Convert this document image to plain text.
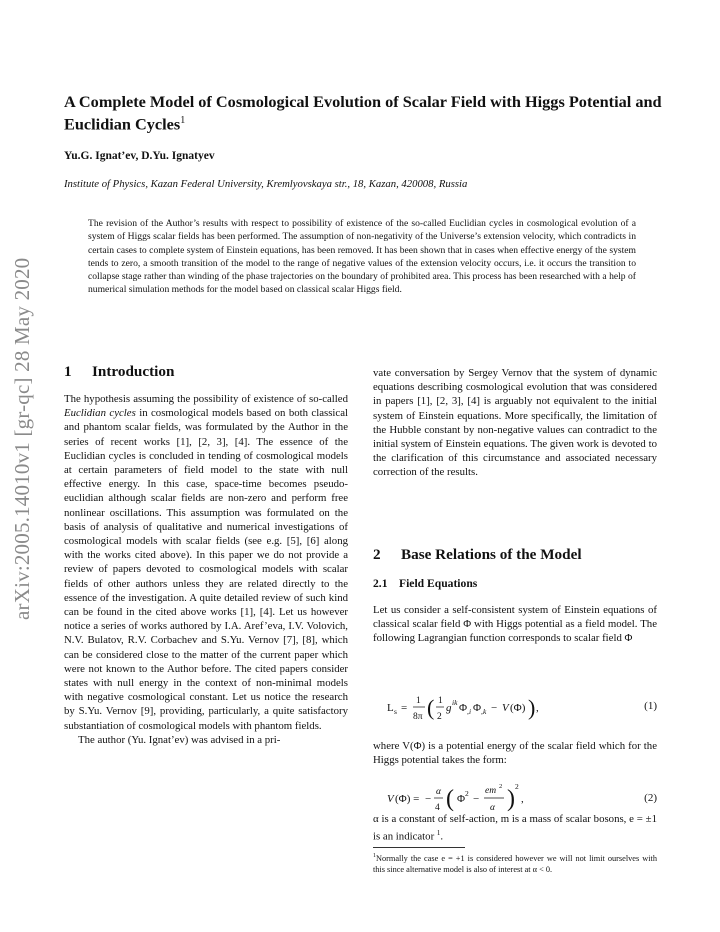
arXiv:2005.14010v1 [gr-qc] 28 May 2020
A Complete Model of Cosmological Evolution of Scalar Field with Higgs Potential and Euclidian Cycles$^1$
Yu.G. Ignat’ev, D.Yu. Ignatyev
Institute of Physics, Kazan Federal University, Kremlyovskaya str., 18, Kazan, 420008, Russia
The revision of the Author’s results with respect to possibility of existence of the so-called Euclidian cycles in cosmological evolution of a system of Higgs scalar fields has been performed. The assumption of non-negativity of the Universe’s extension velocity, which contradicts in certain cases to complete system of Einstein equations, has been removed. It has been shown that in cases when effective energy of the system tends to zero, a smooth transition of the model to the range of negative values of the extension velocity occurs, i.e. it occurs the transition to collapse stage rather than winding of the phase trajectories on the boundary of prohibited area. This process has been researched with a help of numerical simulation methods for the model based on classical scalar Higgs field.
1 Introduction

The hypothesis assuming the possibility of existence of so-called Euclidian cycles in cosmological models based on both classical and phantom scalar fields, was formulated by the Author in the series of recent works [1], [2, 3], [4]. The essence of the Euclidian cycles is concluded in tending of cosmological models at certain parameters of field model to the state with null effective energy. In this case, space-time becomes pseudo-euclidian although scalar fields are non-zero and perform free nonlinear oscillations. This assumption was formulated on the basis of analysis of qualitative and numerical investigations of cosmological models with scalar fields (see e.g. [5], [6] along with the works cited above). In this paper we do not provide a review of papers devoted to cosmological models with scalar fields of other authors unless they are related directly to the essence of the investigation. A quite detailed review of such kind can be found in the cited above works [1], [4]. Let us however notice a series of works authored by I.A. Aref’eva, I.V. Volovich, N.V. Bulatov, R.V. Corbachev and S.Yu. Vernov [7], [8], which can be considered close to the matter of the current paper which were not known to the Author before. The cited papers consider states with null energy in the context of non-minimal models with negative cosmological constant. Let us notice the research by S.Yu. Vernov [9], providing, particularly, a quite satisfactory substantiation of cosmological models with phantom fields.

The author (Yu. Ignat’ev) was advised in a pri-

vate conversation by Sergey Vernov that the system of dynamic equations describing cosmological evolution that was considered in papers [1], [2, 3], [4] is arguably not equivalent to the initial system of Einstein equations. More specifically, the limitation of the Hubble constant by non-negative values can contradict to the initial system of Einstein equations. The given work is devoted to the clarification of this circumstance and associated necessary correction of the results.

2 Base Relations of the Model
2.1 Field Equations
Let us consider a self-consistent system of Einstein equations of classical scalar field Φ with Higgs potential as a field model. The following Lagrangian function corresponds to scalar field Φ
L s =
1
8π ( 1
2
g ik Φ , i Φ , k − V (Φ) ) ,	(1)
where V(Φ) is a potential energy of the scalar field which for the Higgs potential takes the form:
V (Φ) = −
α
4 ( Φ 2 −
em 2
α ) 2
,	(2)
α is a constant of self-action, m is a mass of scalar bosons, e = ±1 is an indicator $^1$.
$^1$Normally the case e = +1 is considered however we will not limit ourselves with this since alternative model is also of interest at α < 0.
